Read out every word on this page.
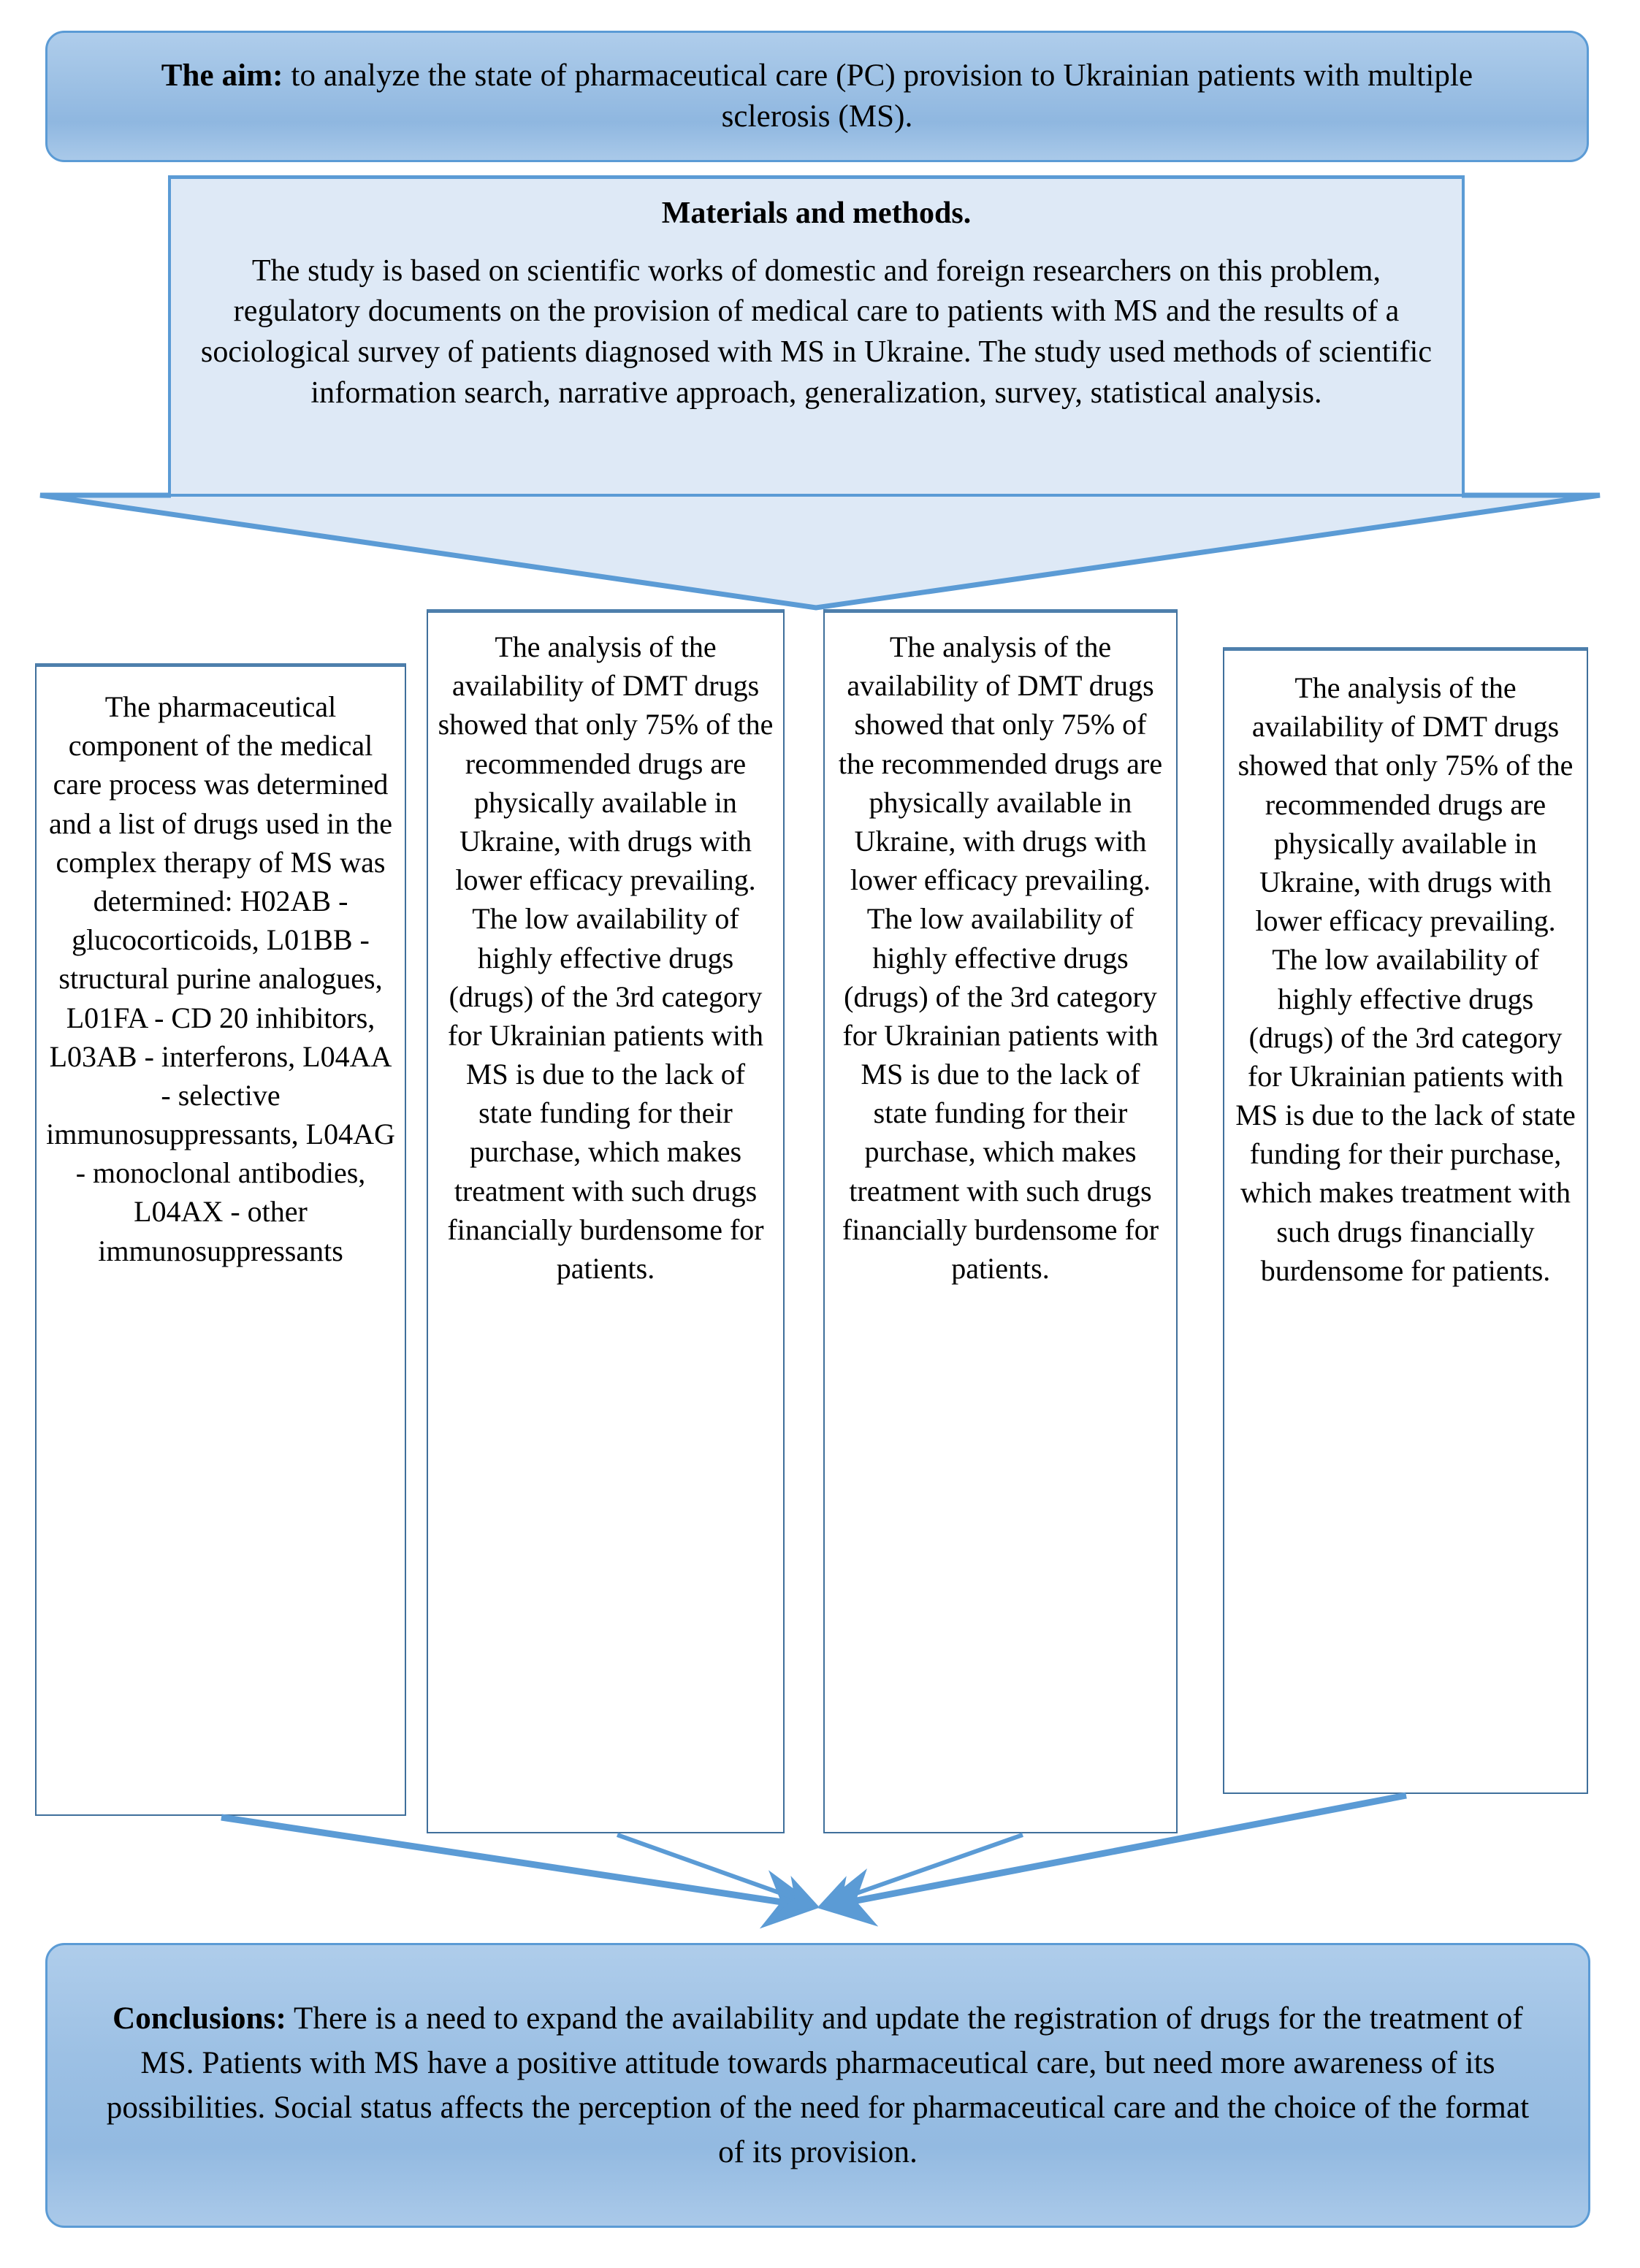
The aim: to analyze the state of pharmaceutical care (PC) provision to Ukrainian patients with multiple sclerosis (MS).
Materials and methods.
The study is based on scientific works of domestic and foreign researchers on this problem, regulatory documents on the provision of medical care to patients with MS and the results of a sociological survey of patients diagnosed with MS in Ukraine. The study used methods of scientific information search, narrative approach, generalization, survey, statistical analysis.
The pharmaceutical component of the medical care process was determined and a list of drugs used in the complex therapy of MS was determined: H02AB - glucocorticoids, L01BB - structural purine analogues, L01FA - CD 20 inhibitors, L03AB - interferons, L04AA - selective immunosuppressants, L04AG - monoclonal antibodies, L04AX - other immunosuppressants
The analysis of the availability of DMT drugs showed that only 75% of the recommended drugs are physically available in Ukraine, with drugs with lower efficacy prevailing. The low availability of highly effective drugs (drugs) of the 3rd category for Ukrainian patients with MS is due to the lack of state funding for their purchase, which makes treatment with such drugs financially burdensome for patients.
The analysis of the availability of DMT drugs showed that only 75% of the recommended drugs are physically available in Ukraine, with drugs with lower efficacy prevailing. The low availability of highly effective drugs (drugs) of the 3rd category for Ukrainian patients with MS is due to the lack of state funding for their purchase, which makes treatment with such drugs financially burdensome for patients.
The analysis of the availability of DMT drugs showed that only 75% of the recommended drugs are physically available in Ukraine, with drugs with lower efficacy prevailing. The low availability of highly effective drugs (drugs) of the 3rd category for Ukrainian patients with MS is due to the lack of state funding for their purchase, which makes treatment with such drugs financially burdensome for patients.
Conclusions: There is a need to expand the availability and update the registration of drugs for the treatment of MS. Patients with MS have a positive attitude towards pharmaceutical care, but need more awareness of its possibilities. Social status affects the perception of the need for pharmaceutical care and the choice of the format of its provision.
